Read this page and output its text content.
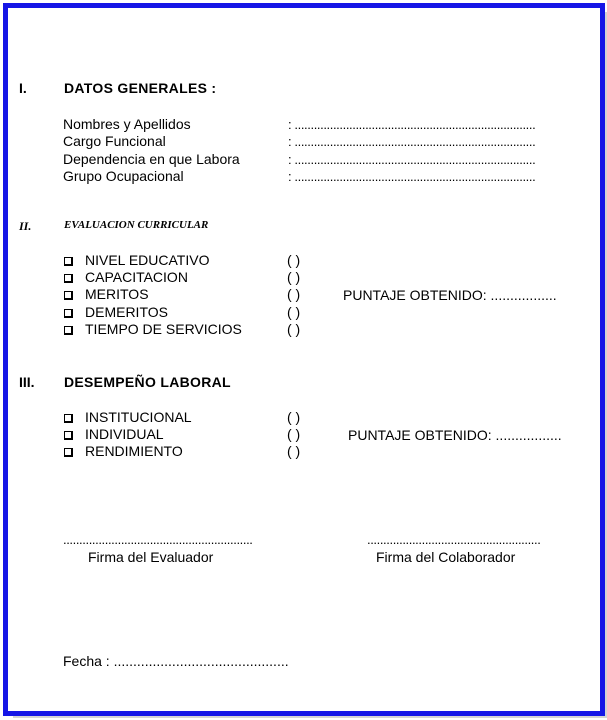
I.	DATOS GENERALES :
Nombres y Apellidos	: ...........................................................................
Cargo Funcional	: ...........................................................................
Dependencia en que Labora	: ...........................................................................
Grupo Ocupacional	: ...........................................................................
II.	EVALUACION CURRICULAR
NIVEL EDUCATIVO	( )
CAPACITACION	( )
MERITOS	( )	PUNTAJE OBTENIDO: .................
DEMERITOS	( )
TIEMPO DE SERVICIOS	( )
III. DESEMPEÑO LABORAL
INSTITUCIONAL	( )
INDIVIDUAL	( )	PUNTAJE OBTENIDO: .................
RENDIMIENTO	( )
...........................................................
Firma del Evaluador
......................................................
Firma del Colaborador
Fecha : .............................................
